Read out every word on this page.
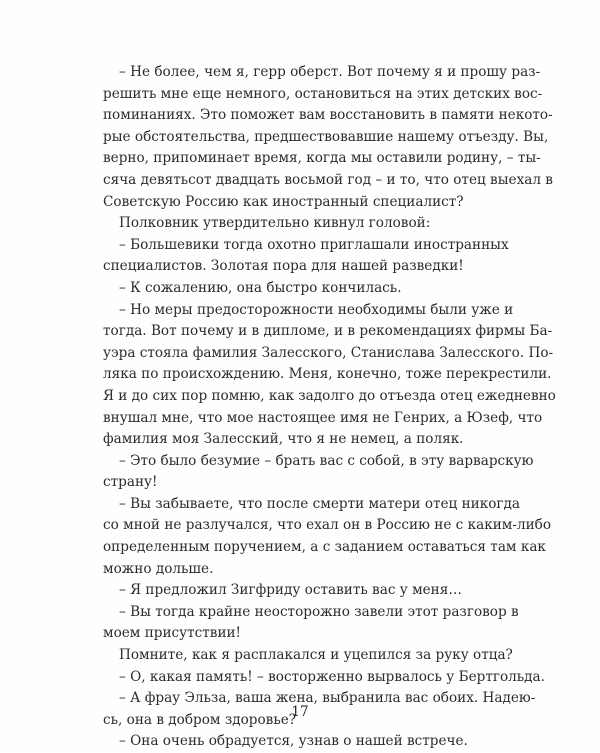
– Не более, чем я, герр оберст. Вот почему я и прошу раз-
решить мне еще немного, остановиться на этих детских вос-
поминаниях. Это поможет вам восстановить в памяти некото-
рые обстоятельства, предшествовавшие нашему отъезду. Вы,
верно, припоминает время, когда мы оставили родину, – ты-
сяча девятьсот двадцать восьмой год – и то, что отец выехал в
Советскую Россию как иностранный специалист?
Полковник утвердительно кивнул головой:
– Большевики тогда охотно приглашали иностранных
специалистов. Золотая пора для нашей разведки!
– К сожалению, она быстро кончилась.
– Но меры предосторожности необходимы были уже и
тогда. Вот почему и в дипломе, и в рекомендациях фирмы Ба-
уэра стояла фамилия Залесского, Станислава Залесского. По-
ляка по происхождению. Меня, конечно, тоже перекрестили.
Я и до сих пор помню, как задолго до отъезда отец ежедневно
внушал мне, что мое настоящее имя не Генрих, а Юзеф, что
фамилия моя Залесский, что я не немец, а поляк.
– Это было безумие – брать вас с собой, в эту варварскую
страну!
– Вы забываете, что после смерти матери отец никогда
со мной не разлучался, что ехал он в Россию не с каким-либо
определенным поручением, а с заданием оставаться там как
можно дольше.
– Я предложил Зигфриду оставить вас у меня…
– Вы тогда крайне неосторожно завели этот разговор в
моем присутствии!
Помните, как я расплакался и уцепился за руку отца?
– О, какая память! – восторженно вырвалось у Бертгольда.
– А фрау Эльза, ваша жена, выбранила вас обоих. Надею-
сь, она в добром здоровье?
– Она очень обрадуется, узнав о нашей встрече.
17
